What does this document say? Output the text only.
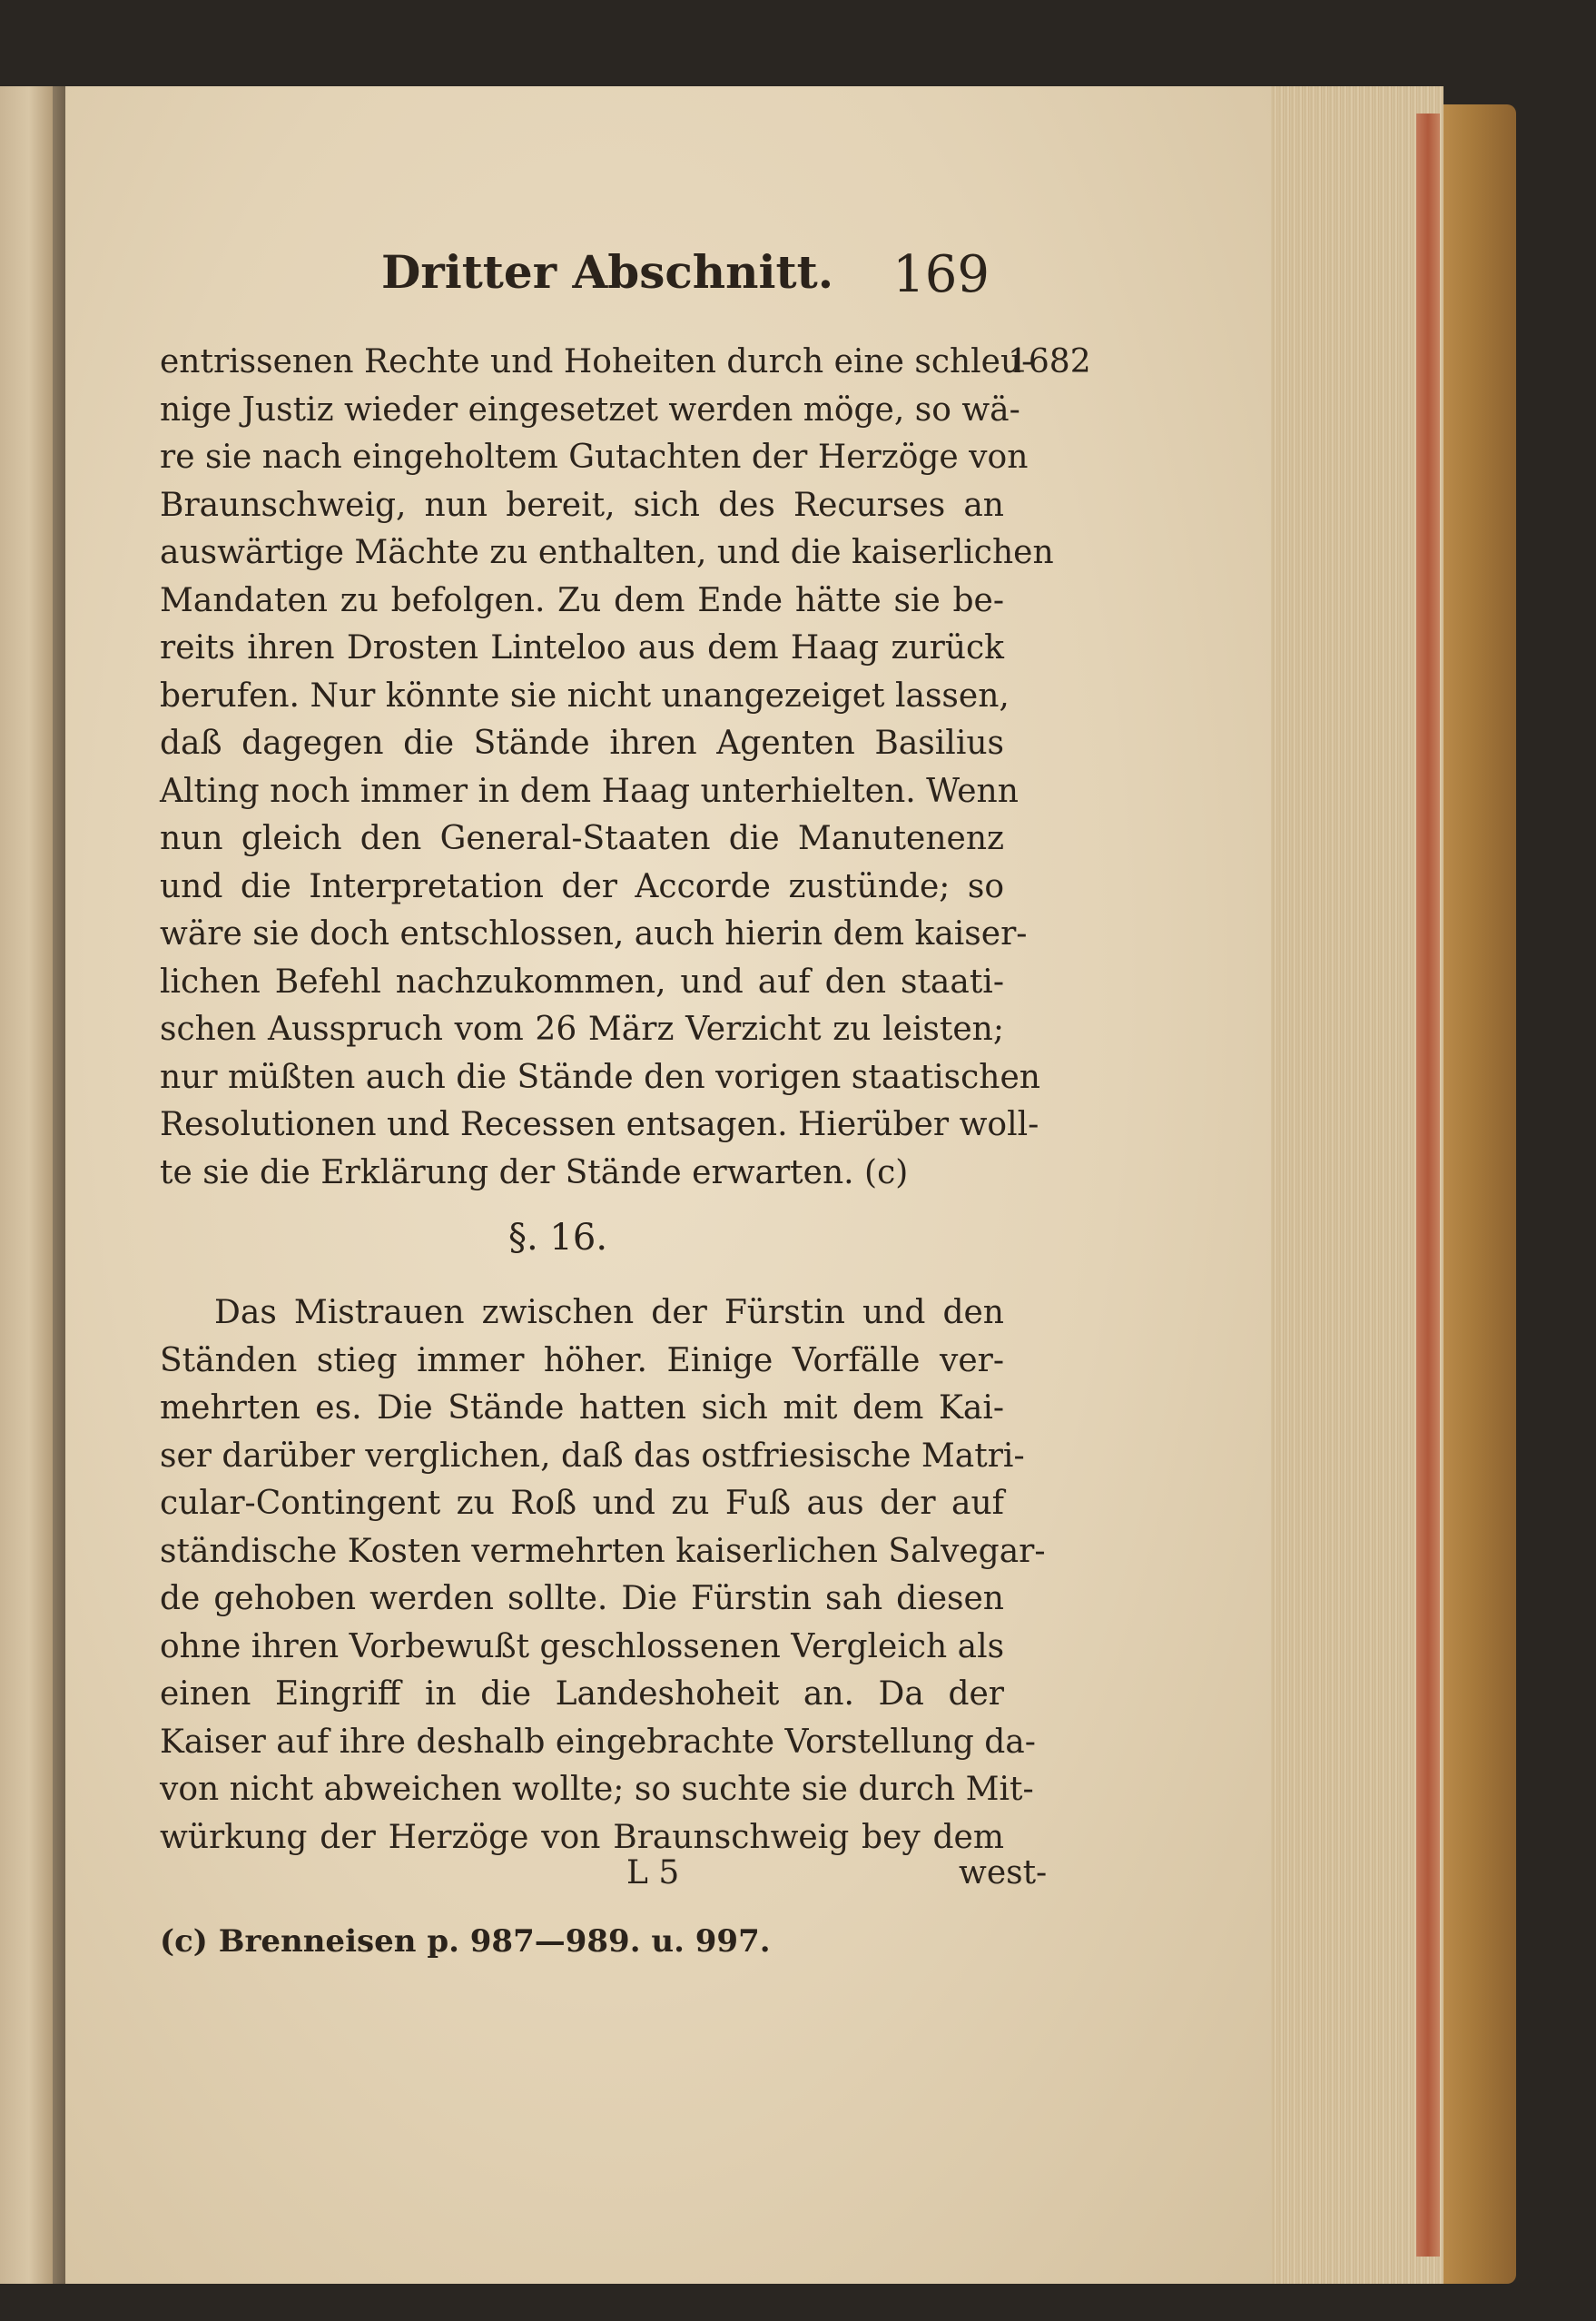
Dritter Abschnitt. 169
1682
entrissenen Rechte und Hoheiten durch eine schleu-
nige Justiz wieder eingesetzet werden möge, so wä-
re sie nach eingeholtem Gutachten der Herzöge von
Braunschweig, nun bereit, sich des Recurses an
auswärtige Mächte zu enthalten, und die kaiserlichen
Mandaten zu befolgen. Zu dem Ende hätte sie be-
reits ihren Drosten Linteloo aus dem Haag zurück
berufen. Nur könnte sie nicht unangezeiget lassen,
daß dagegen die Stände ihren Agenten Basilius
Alting noch immer in dem Haag unterhielten. Wenn
nun gleich den General-Staaten die Manutenenz
und die Interpretation der Accorde zustünde; so
wäre sie doch entschlossen, auch hierin dem kaiser-
lichen Befehl nachzukommen, und auf den staati-
schen Ausspruch vom 26 März Verzicht zu leisten;
nur müßten auch die Stände den vorigen staatischen
Resolutionen und Recessen entsagen. Hierüber woll-
te sie die Erklärung der Stände erwarten. (c)
§. 16.
Das Mistrauen zwischen der Fürstin und den
Ständen stieg immer höher. Einige Vorfälle ver-
mehrten es. Die Stände hatten sich mit dem Kai-
ser darüber verglichen, daß das ostfriesische Matri-
cular-Contingent zu Roß und zu Fuß aus der auf
ständische Kosten vermehrten kaiserlichen Salvegar-
de gehoben werden sollte. Die Fürstin sah diesen
ohne ihren Vorbewußt geschlossenen Vergleich als
einen Eingriff in die Landeshoheit an. Da der
Kaiser auf ihre deshalb eingebrachte Vorstellung da-
von nicht abweichen wollte; so suchte sie durch Mit-
würkung der Herzöge von Braunschweig bey dem
L 5	west-
(c) Brenneisen p. 987—989. u. 997.
